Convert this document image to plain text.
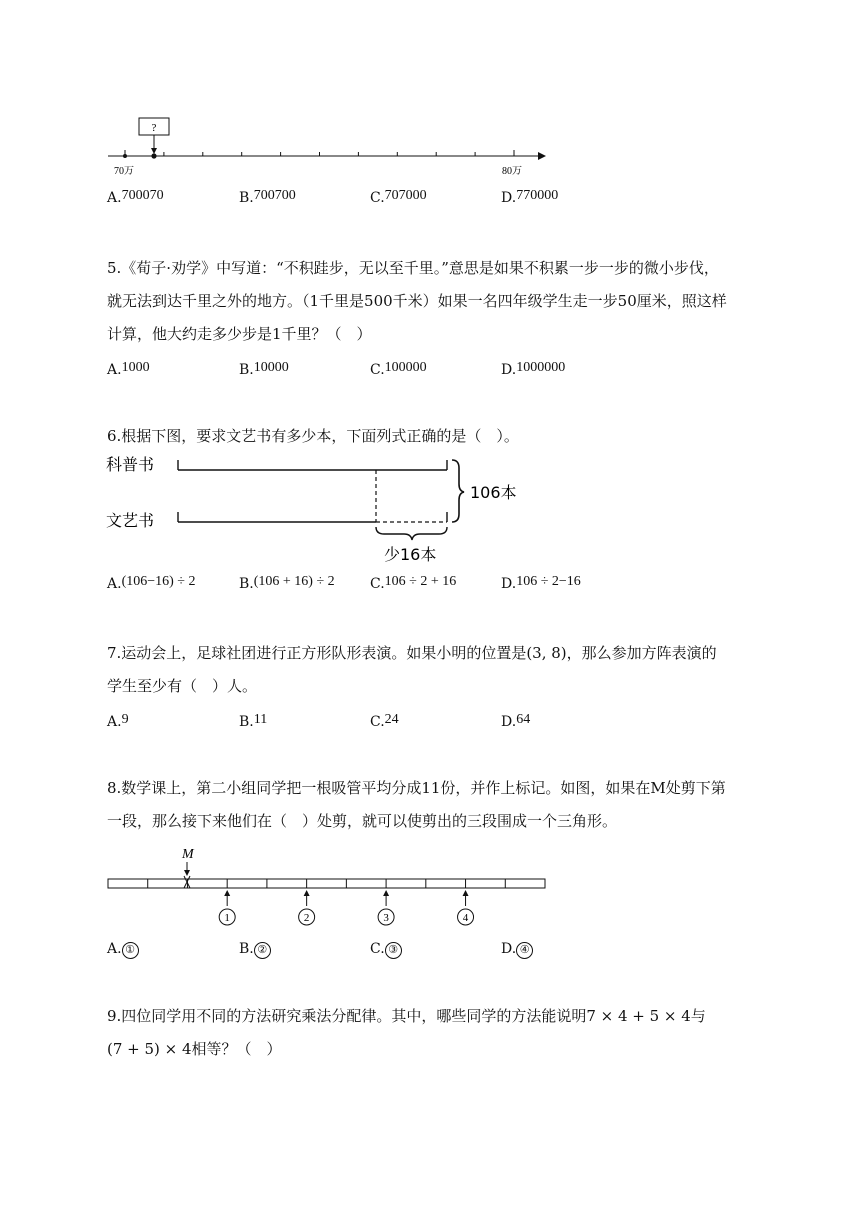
?
70万	80万
A.700070	B.700700	C.707000	D.770000
5.《荀子·劝学》中写道：“不积跬步，无以至千里。”意思是如果不积累一步一步的微小步伐，
就无法到达千里之外的地方。（1千里是500千米）如果一名四年级学生走一步50厘米，照这样
计算，他大约走多少步是1千里？（　）
A.1000	B.10000	C.100000	D.1000000
6.根据下图，要求文艺书有多少本，下面列式正确的是（　）。
科普书
文艺书
106本
少16本
A.(106−16) ÷ 2	B.(106 + 16) ÷ 2	C.106 ÷ 2 + 16	D.106 ÷ 2−16
7.运动会上，足球社团进行正方形队形表演。如果小明的位置是(3, 8)，那么参加方阵表演的
学生至少有（　）人。
A.9	B.11	C.24	D.64
8.数学课上，第二小组同学把一根吸管平均分成11份，并作上标记。如图，如果在M处剪下第
一段，那么接下来他们在（　）处剪，就可以使剪出的三段围成一个三角形。
M
1	2	3	4
A. ①	B. ②	C. ③	D. ④
9.四位同学用不同的方法研究乘法分配律。其中，哪些同学的方法能说明7 × 4 + 5 × 4与
(7 + 5) × 4相等？（　）
